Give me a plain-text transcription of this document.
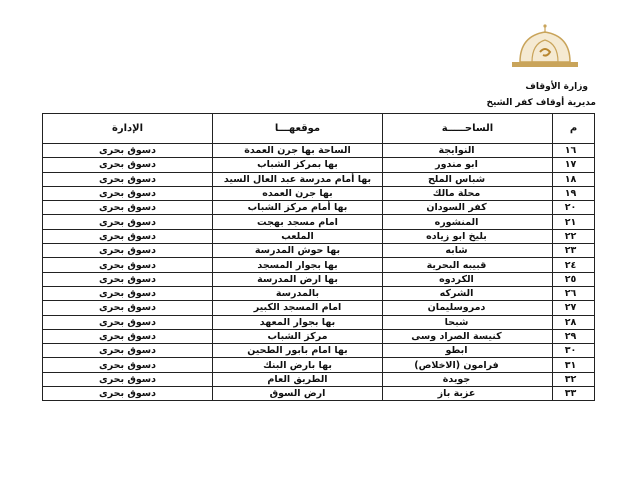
وزارة الأوقاف
مديرية أوقاف كفر الشيخ
م	الساحـــــة	موقعهـــا	الإدارة
١٦	النوايجة	الساحة بها جرن العمدة	دسوق بحرى
١٧	ابو مندور	بها بمركز الشباب	دسوق بحرى
١٨	شباس الملح	بها أمام مدرسة عبد العال السيد	دسوق بحرى
١٩	محلة مالك	بها جرن العمده	دسوق بحرى
٢٠	كفر السودان	بها أمام مركز الشباب	دسوق بحرى
٢١	المنشوره	امام مسجد بهجت	دسوق بحرى
٢٢	بليخ ابو زياده	الملعب	دسوق بحرى
٢٣	شابه	بها حوش المدرسة	دسوق بحرى
٢٤	قبيبه البحرية	بها بجوار المسجد	دسوق بحرى
٢٥	الكردوه	بها ارض المدرسة	دسوق بحرى
٢٦	الشركه	بالمدرسة	دسوق بحرى
٢٧	دمروسليمان	امام المسجد الكبير	دسوق بحرى
٢٨	شبحا	بها بجوار المعهد	دسوق بحرى
٢٩	كنيسة الصراد وسى	مركز الشباب	دسوق بحرى
٣٠	ابطو	بها امام بابور الطحين	دسوق بحرى
٣١	فرامون (الاخلاص)	بها بارض البنك	دسوق بحرى
٣٢	جويدة	الطريق العام	دسوق بحرى
٣٣	عزبة باز	ارض السوق	دسوق بحرى
